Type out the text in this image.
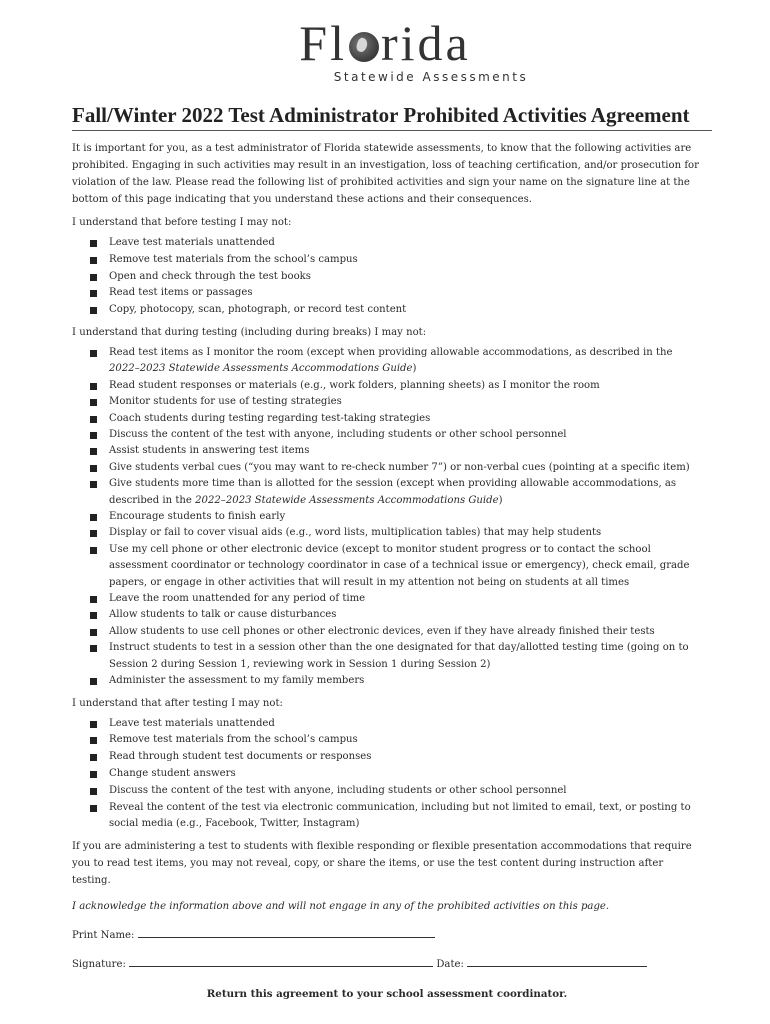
Fl rida
Statewide Assessments
Fall/Winter 2022 Test Administrator Prohibited Activities Agreement

It is important for you, as a test administrator of Florida statewide assessments, to know that the following activities are prohibited. Engaging in such activities may result in an investigation, loss of teaching certification, and/or prosecution for violation of the law. Please read the following list of prohibited activities and sign your name on the signature line at the bottom of this page indicating that you understand these actions and their consequences.

I understand that before testing I may not:

Leave test materials unattended
Remove test materials from the school’s campus
Open and check through the test books
Read test items or passages
Copy, photocopy, scan, photograph, or record test content

I understand that during testing (including during breaks) I may not:

Read test items as I monitor the room (except when providing allowable accommodations, as described in the 2022–2023 Statewide Assessments Accommodations Guide)
Read student responses or materials (e.g., work folders, planning sheets) as I monitor the room
Monitor students for use of testing strategies
Coach students during testing regarding test-taking strategies
Discuss the content of the test with anyone, including students or other school personnel
Assist students in answering test items
Give students verbal cues (“you may want to re-check number 7”) or non-verbal cues (pointing at a specific item)
Give students more time than is allotted for the session (except when providing allowable accommodations, as described in the 2022–2023 Statewide Assessments Accommodations Guide)
Encourage students to finish early
Display or fail to cover visual aids (e.g., word lists, multiplication tables) that may help students
Use my cell phone or other electronic device (except to monitor student progress or to contact the school assessment coordinator or technology coordinator in case of a technical issue or emergency), check email, grade papers, or engage in other activities that will result in my attention not being on students at all times
Leave the room unattended for any period of time
Allow students to talk or cause disturbances
Allow students to use cell phones or other electronic devices, even if they have already finished their tests
Instruct students to test in a session other than the one designated for that day/allotted testing time (going on to Session 2 during Session 1, reviewing work in Session 1 during Session 2)
Administer the assessment to my family members

I understand that after testing I may not:

Leave test materials unattended
Remove test materials from the school’s campus
Read through student test documents or responses
Change student answers
Discuss the content of the test with anyone, including students or other school personnel
Reveal the content of the test via electronic communication, including but not limited to email, text, or posting to social media (e.g., Facebook, Twitter, Instagram)

If you are administering a test to students with flexible responding or flexible presentation accommodations that require you to read test items, you may not reveal, copy, or share the items, or use the test content during instruction after testing.

I acknowledge the information above and will not engage in any of the prohibited activities on this page.

Print Name:

Signature:	Date:

Return this agreement to your school assessment coordinator.
